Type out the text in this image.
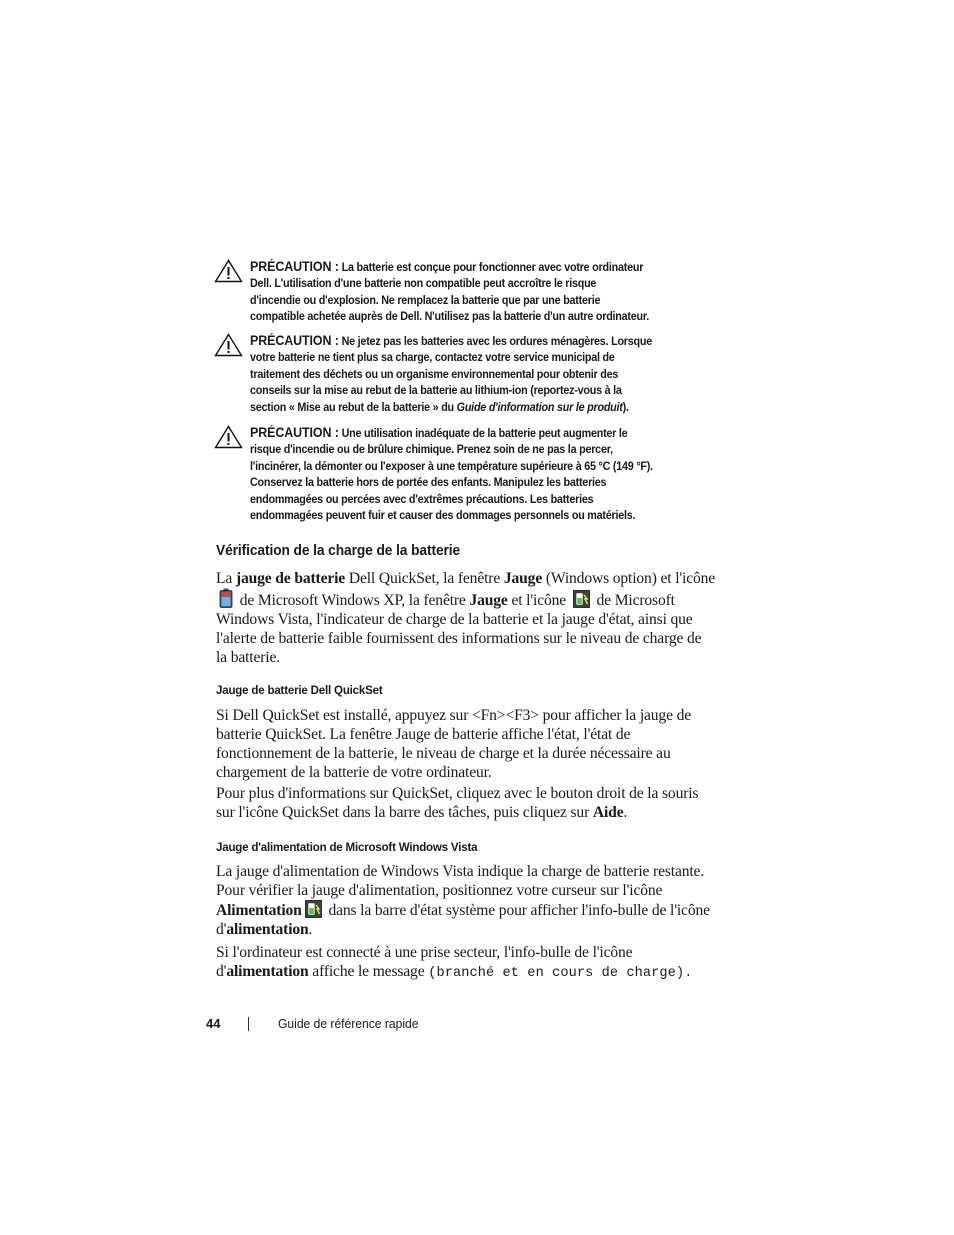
PRÉCAUTION : La batterie est conçue pour fonctionner avec votre ordinateur
Dell. L'utilisation d'une batterie non compatible peut accroître le risque
d'incendie ou d'explosion. Ne remplacez la batterie que par une batterie
compatible achetée auprès de Dell. N'utilisez pas la batterie d'un autre ordinateur.
PRÉCAUTION : Ne jetez pas les batteries avec les ordures ménagères. Lorsque
votre batterie ne tient plus sa charge, contactez votre service municipal de
traitement des déchets ou un organisme environnemental pour obtenir des
conseils sur la mise au rebut de la batterie au lithium-ion (reportez-vous à la
section « Mise au rebut de la batterie » du Guide d'information sur le produit).
PRÉCAUTION : Une utilisation inadéquate de la batterie peut augmenter le
risque d'incendie ou de brûlure chimique. Prenez soin de ne pas la percer,
l'incinérer, la démonter ou l'exposer à une température supérieure à 65 °C (149 °F).
Conservez la batterie hors de portée des enfants. Manipulez les batteries
endommagées ou percées avec d'extrêmes précautions. Les batteries
endommagées peuvent fuir et causer des dommages personnels ou matériels.
Vérification de la charge de la batterie
La jauge de batterie Dell QuickSet, la fenêtre Jauge (Windows option) et l'icône  de Microsoft Windows XP, la fenêtre Jauge et l'icône  de Microsoft Windows Vista, l'indicateur de charge de la batterie et la jauge d'état, ainsi que l'alerte de batterie faible fournissent des informations sur le niveau de charge de la batterie.
Jauge de batterie Dell QuickSet
Si Dell QuickSet est installé, appuyez sur <Fn><F3> pour afficher la jauge de batterie QuickSet. La fenêtre Jauge de batterie affiche l'état, l'état de fonctionnement de la batterie, le niveau de charge et la durée nécessaire au chargement de la batterie de votre ordinateur.
Pour plus d'informations sur QuickSet, cliquez avec le bouton droit de la souris sur l'icône QuickSet dans la barre des tâches, puis cliquez sur Aide.
Jauge d'alimentation de Microsoft Windows Vista
La jauge d'alimentation de Windows Vista indique la charge de batterie restante. Pour vérifier la jauge d'alimentation, positionnez votre curseur sur l'icône Alimentation dans la barre d'état système pour afficher l'info-bulle de l'icône d'alimentation.
Si l'ordinateur est connecté à une prise secteur, l'info-bulle de l'icône d'alimentation affiche le message (branché et en cours de charge).
44	Guide de référence rapide
